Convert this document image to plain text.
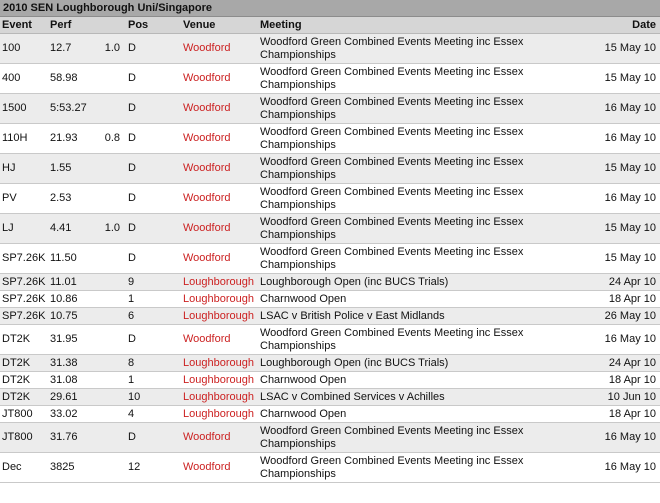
2010 SEN Loughborough Uni/Singapore
Event	Perf		Pos	Venue	Meeting	Date
100	12.7	1.0	D	Woodford	Woodford Green Combined Events Meeting inc Essex Championships	15 May 10
400	58.98		D	Woodford	Woodford Green Combined Events Meeting inc Essex Championships	15 May 10
1500	5:53.27		D	Woodford	Woodford Green Combined Events Meeting inc Essex Championships	16 May 10
110H	21.93	0.8	D	Woodford	Woodford Green Combined Events Meeting inc Essex Championships	16 May 10
HJ	1.55		D	Woodford	Woodford Green Combined Events Meeting inc Essex Championships	15 May 10
PV	2.53		D	Woodford	Woodford Green Combined Events Meeting inc Essex Championships	16 May 10
LJ	4.41	1.0	D	Woodford	Woodford Green Combined Events Meeting inc Essex Championships	15 May 10
SP7.26K	11.50		D	Woodford	Woodford Green Combined Events Meeting inc Essex Championships	15 May 10
SP7.26K	11.01		9	Loughborough	Loughborough Open (inc BUCS Trials)	24 Apr 10
SP7.26K	10.86		1	Loughborough	Charnwood Open	18 Apr 10
SP7.26K	10.75		6	Loughborough	LSAC v British Police v East Midlands	26 May 10
DT2K	31.95		D	Woodford	Woodford Green Combined Events Meeting inc Essex Championships	16 May 10
DT2K	31.38		8	Loughborough	Loughborough Open (inc BUCS Trials)	24 Apr 10
DT2K	31.08		1	Loughborough	Charnwood Open	18 Apr 10
DT2K	29.61		10	Loughborough	LSAC v Combined Services v Achilles	10 Jun 10
JT800	33.02		4	Loughborough	Charnwood Open	18 Apr 10
JT800	31.76		D	Woodford	Woodford Green Combined Events Meeting inc Essex Championships	16 May 10
Dec	3825		12	Woodford	Woodford Green Combined Events Meeting inc Essex Championships	16 May 10
